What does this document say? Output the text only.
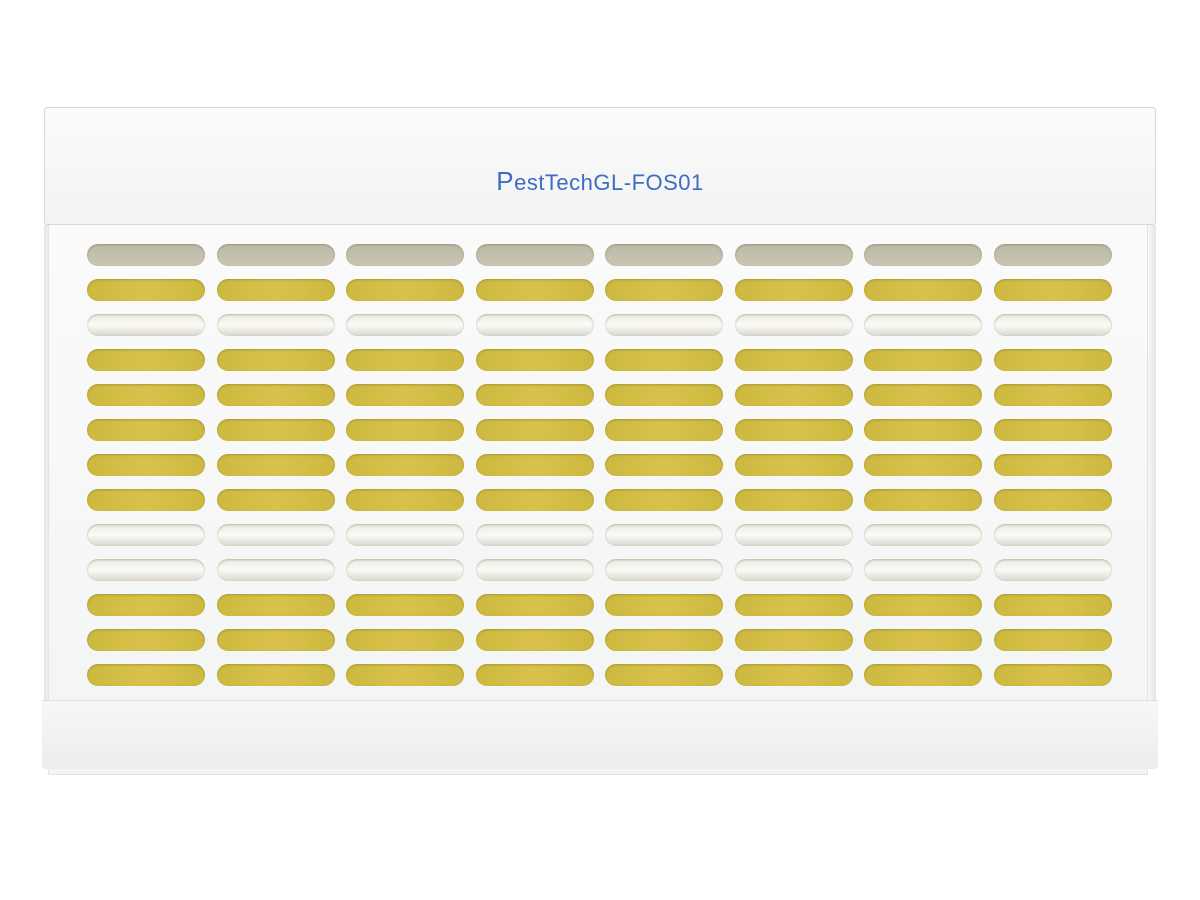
PestTechGL-FOS01
